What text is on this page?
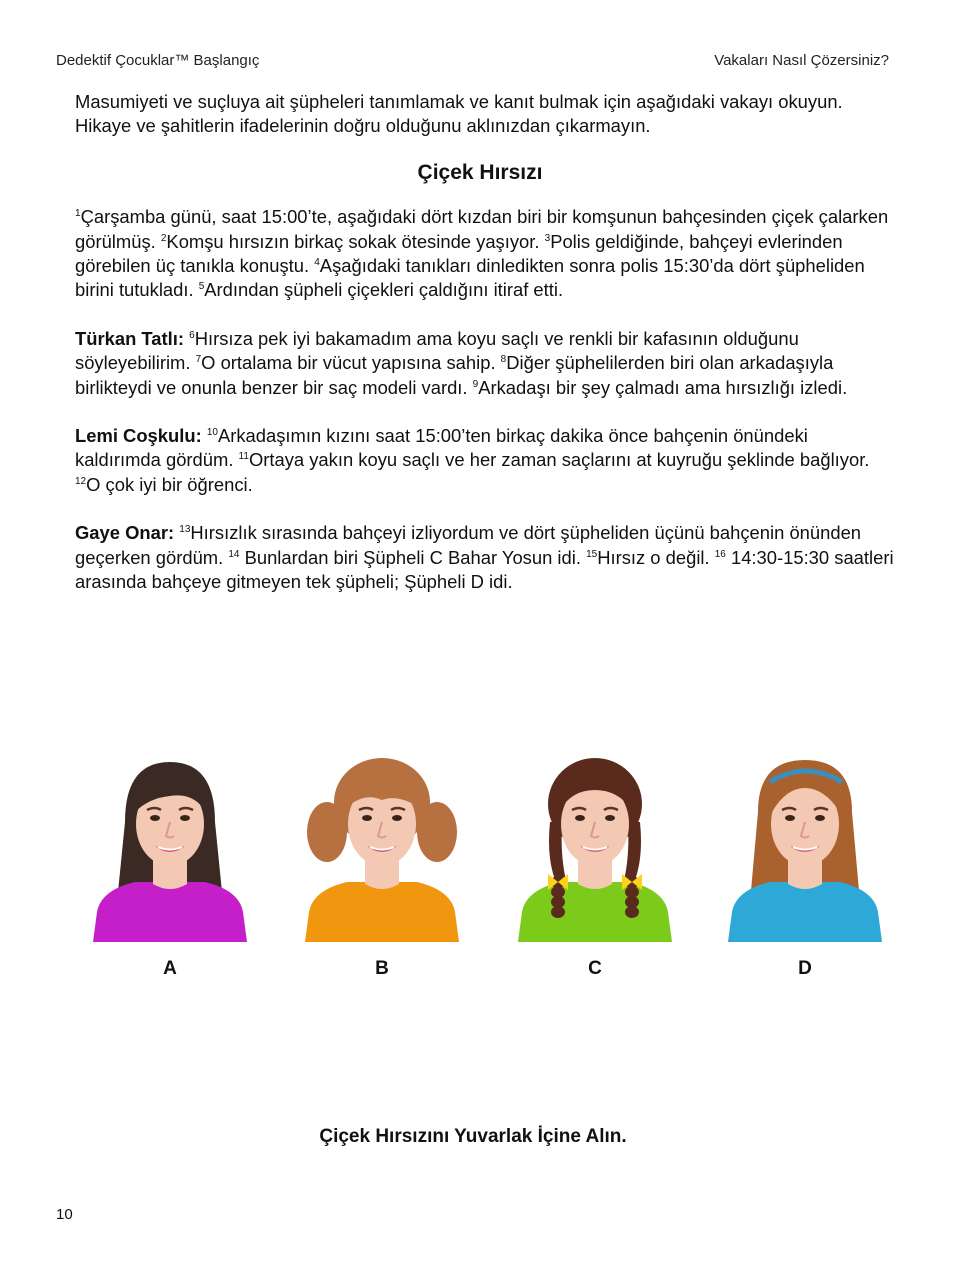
Dedektif Çocuklar™ Başlangıç	Vakaları Nasıl Çözersiniz?

Masumiyeti ve suçluya ait şüpheleri tanımlamak ve kanıt bulmak için aşağıdaki vakayı okuyun. Hikaye ve şahitlerin ifadelerinin doğru olduğunu aklınızdan çıkarmayın.

Çiçek Hırsızı

$^1$Çarşamba günü, saat 15:00’te, aşağıdaki dört kızdan biri bir komşunun bahçesinden çiçek çalarken görülmüş. $^2$Komşu hırsızın birkaç sokak ötesinde yaşıyor. $^3$Polis geldiğinde, bahçeyi evlerinden görebilen üç tanıkla konuştu. $^4$Aşağıdaki tanıkları dinledikten sonra polis 15:30’da dört şüpheliden birini tutukladı. $^5$Ardından şüpheli çiçekleri çaldığını itiraf etti.

Türkan Tatlı: $^6$Hırsıza pek iyi bakamadım ama koyu saçlı ve renkli bir kafasının olduğunu söyleyebilirim. $^7$O ortalama bir vücut yapısına sahip. $^8$Diğer şüphelilerden biri olan arkadaşıyla birlikteydi ve onunla benzer bir saç modeli vardı. $^9$Arkadaşı bir şey çalmadı ama hırsızlığı izledi.

Lemi Coşkulu: $^{10}$Arkadaşımın kızını saat 15:00’ten birkaç dakika önce bahçenin önündeki kaldırımda gördüm. $^{11}$Ortaya yakın koyu saçlı ve her zaman saçlarını at kuyruğu şeklinde bağlıyor. $^{12}$O çok iyi bir öğrenci.

Gaye Onar: $^{13}$Hırsızlık sırasında bahçeyi izliyordum ve dört şüpheliden üçünü bahçenin önünden geçerken gördüm. $^{14}$ Bunlardan biri Şüpheli C Bahar Yosun idi. $^{15}$Hırsız o değil. $^{16}$ 14:30-15:30 saatleri arasında bahçeye gitmeyen tek şüpheli; Şüpheli D idi.

A	B	C	D
Çiçek Hırsızını Yuvarlak İçine Alın.
10
